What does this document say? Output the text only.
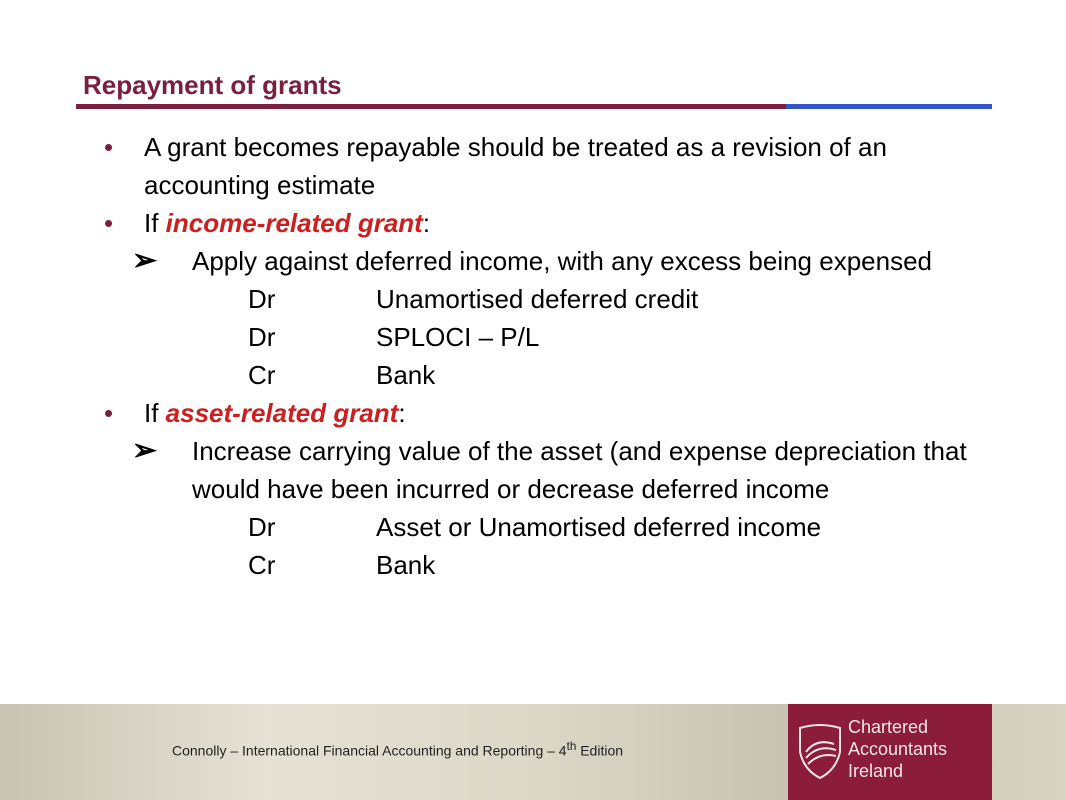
Repayment of grants
• A grant becomes repayable should be treated as a revision of an accounting estimate
• If income-related grant:
➢ Apply against deferred income, with any excess being expensed
Dr	Unamortised deferred credit
Dr	SPLOCI – P/L
Cr	Bank
• If asset-related grant:
➢ Increase carrying value of the asset (and expense depreciation that would have been incurred or decrease deferred income
Dr	Asset or Unamortised deferred income
Cr	Bank
Connolly – International Financial Accounting and Reporting – 4th Edition
Chartered
Accountants
Ireland
